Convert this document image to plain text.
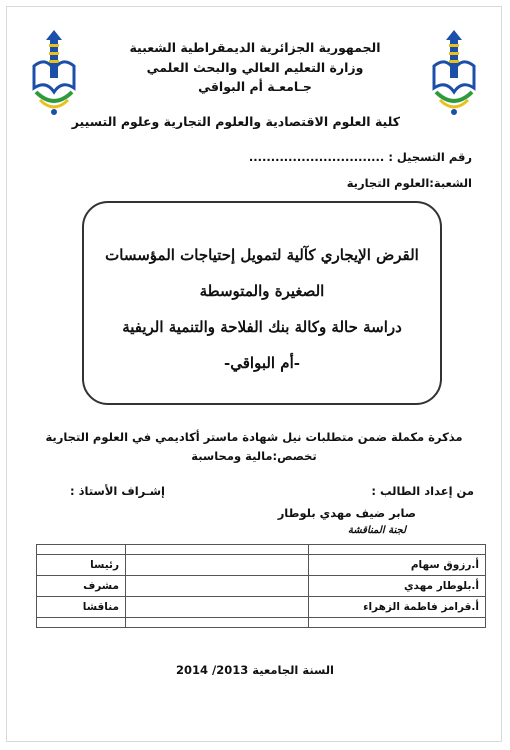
الجمهورية الجزائرية الديمقراطية الشعبية
وزارة التعليم العالي والبحث العلمي
جـامعـة أم البواقي
كلية العلوم الاقتصادية والعلوم التجارية وعلوم التسيير
رقم التسجيل : ...............................
الشعبة:العلوم التجارية
القرض الإيجاري كآلية لتمويل إحتياجات المؤسسات
الصغيرة والمتوسطة
دراسة حالة وكالة بنك الفلاحة والتنمية الريفية
-أم البواقي-
مذكرة مكملة ضمن متطلبات نيل شهادة ماستر أكاديمي في العلوم التجارية
تخصص:مالية ومحاسبة
من إعداد الطالب :
إشـراف الأستاذ :
صابر ضيف مهدي بلوطار
لجنة المناقشة

أ.رزوق سهام		رئيسا
أ.بلوطار مهدي		مشرف
أ.قرامز فاطمة الزهراء		مناقشا

السنة الجامعية 2013/ 2014
